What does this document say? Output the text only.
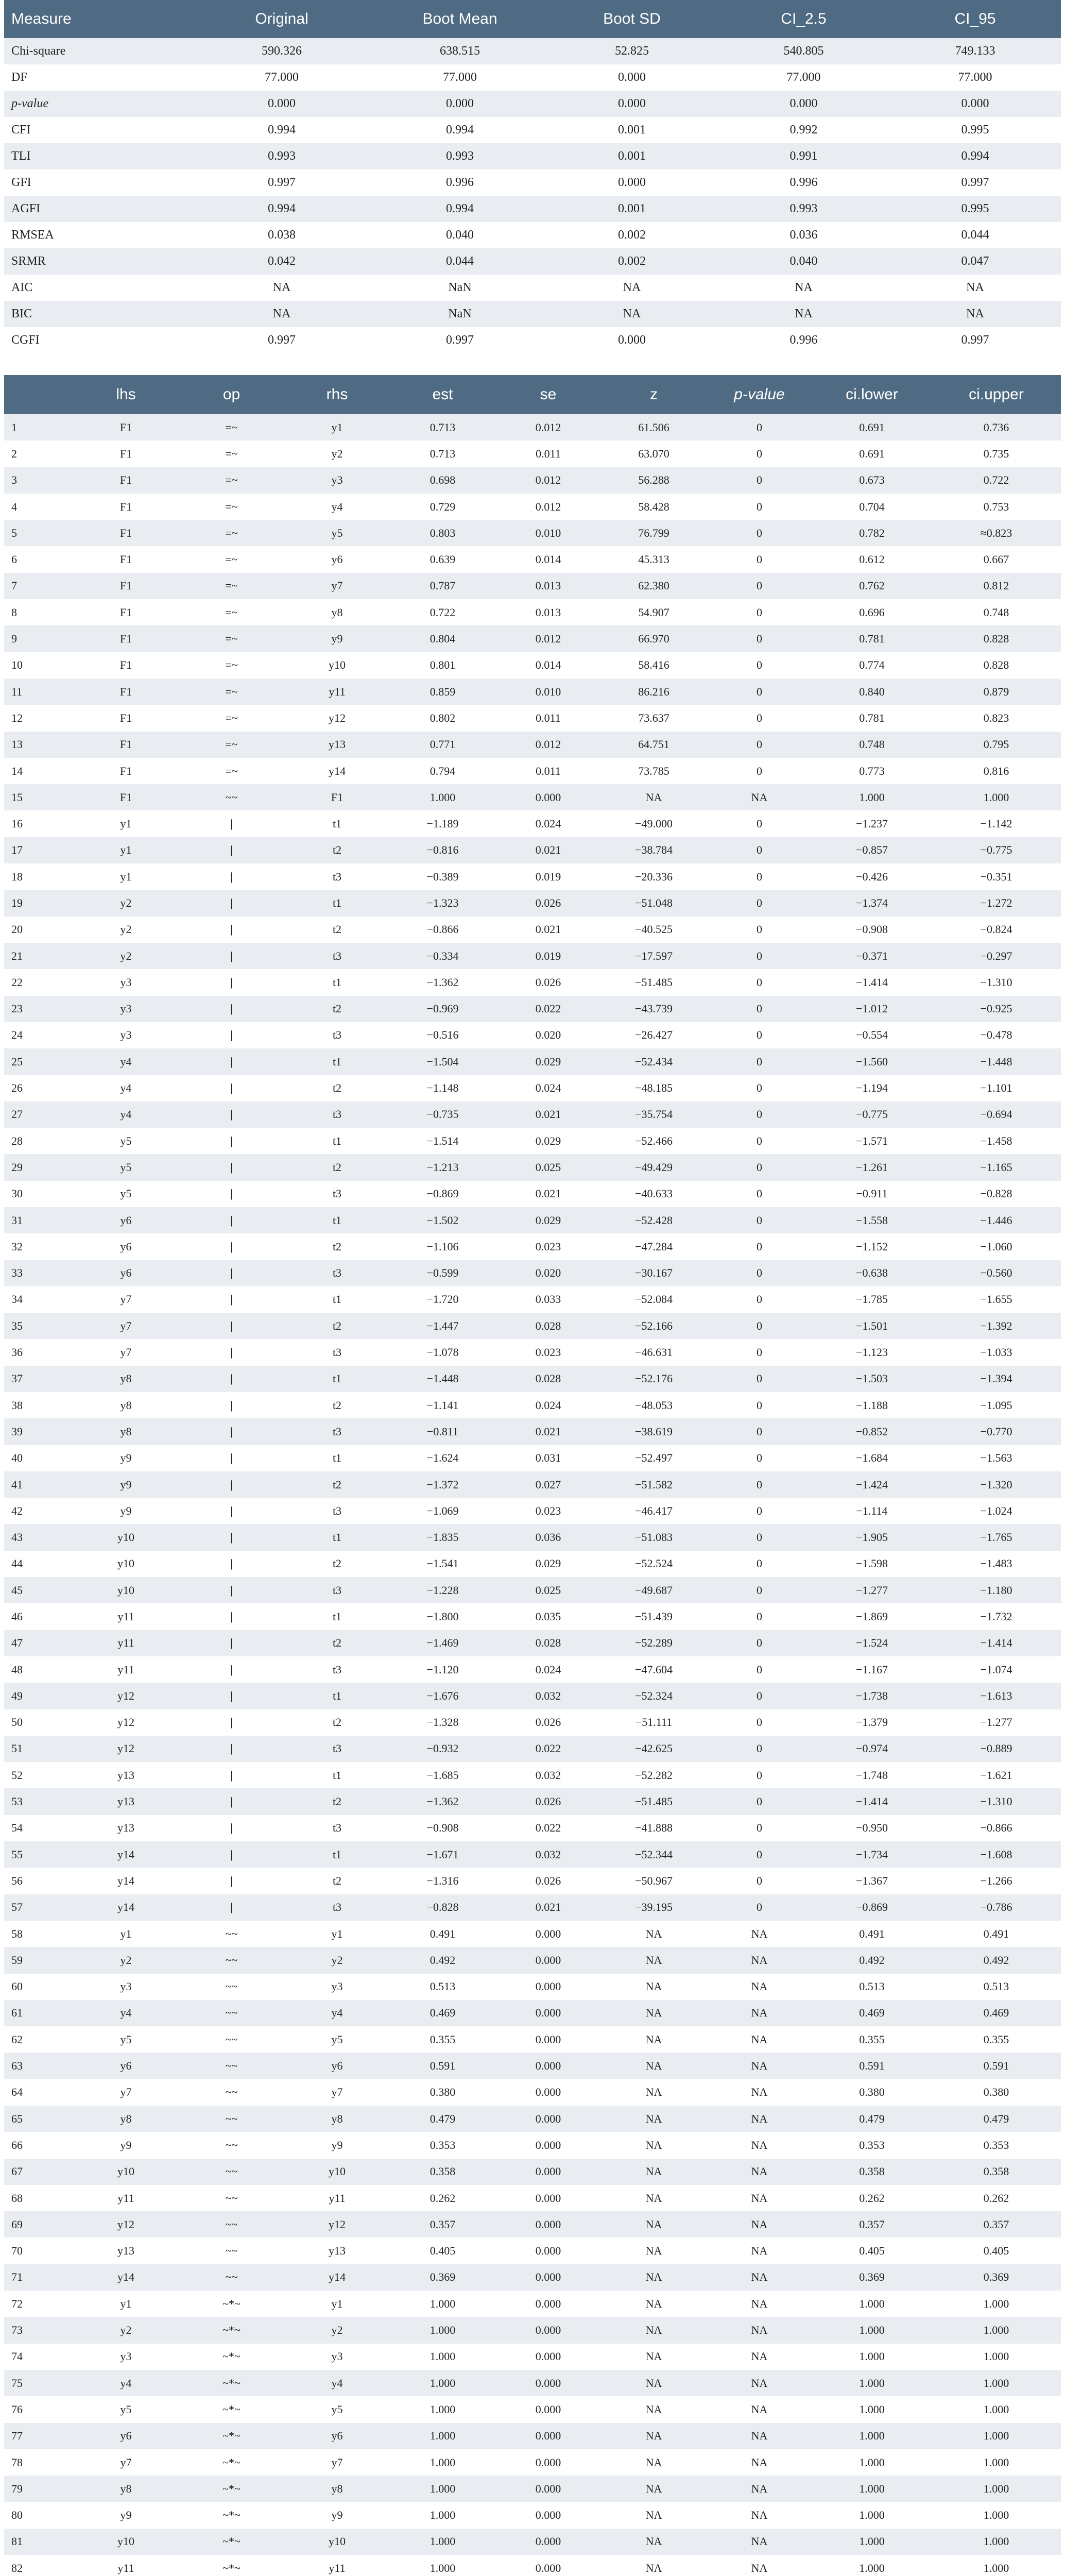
Measure	Original	Boot Mean	Boot SD	CI_2.5	CI_95
Chi-square	590.326	638.515	52.825	540.805	749.133
DF	77.000	77.000	0.000	77.000	77.000
p-value	0.000	0.000	0.000	0.000	0.000
CFI	0.994	0.994	0.001	0.992	0.995
TLI	0.993	0.993	0.001	0.991	0.994
GFI	0.997	0.996	0.000	0.996	0.997
AGFI	0.994	0.994	0.001	0.993	0.995
RMSEA	0.038	0.040	0.002	0.036	0.044
SRMR	0.042	0.044	0.002	0.040	0.047
AIC	NA	NaN	NA	NA	NA
BIC	NA	NaN	NA	NA	NA
CGFI	0.997	0.997	0.000	0.996	0.997
	lhs	op	rhs	est	se	z	p-value	ci.lower	ci.upper
1	F1	=~	y1	0.713	0.012	61.506	0	0.691	0.736
2	F1	=~	y2	0.713	0.011	63.070	0	0.691	0.735
3	F1	=~	y3	0.698	0.012	56.288	0	0.673	0.722
4	F1	=~	y4	0.729	0.012	58.428	0	0.704	0.753
5	F1	=~	y5	0.803	0.010	76.799	0	0.782	≈0.823
6	F1	=~	y6	0.639	0.014	45.313	0	0.612	0.667
7	F1	=~	y7	0.787	0.013	62.380	0	0.762	0.812
8	F1	=~	y8	0.722	0.013	54.907	0	0.696	0.748
9	F1	=~	y9	0.804	0.012	66.970	0	0.781	0.828
10	F1	=~	y10	0.801	0.014	58.416	0	0.774	0.828
11	F1	=~	y11	0.859	0.010	86.216	0	0.840	0.879
12	F1	=~	y12	0.802	0.011	73.637	0	0.781	0.823
13	F1	=~	y13	0.771	0.012	64.751	0	0.748	0.795
14	F1	=~	y14	0.794	0.011	73.785	0	0.773	0.816
15	F1	~~	F1	1.000	0.000	NA	NA	1.000	1.000
16	y1	|	t1	−1.189	0.024	−49.000	0	−1.237	−1.142
17	y1	|	t2	−0.816	0.021	−38.784	0	−0.857	−0.775
18	y1	|	t3	−0.389	0.019	−20.336	0	−0.426	−0.351
19	y2	|	t1	−1.323	0.026	−51.048	0	−1.374	−1.272
20	y2	|	t2	−0.866	0.021	−40.525	0	−0.908	−0.824
21	y2	|	t3	−0.334	0.019	−17.597	0	−0.371	−0.297
22	y3	|	t1	−1.362	0.026	−51.485	0	−1.414	−1.310
23	y3	|	t2	−0.969	0.022	−43.739	0	−1.012	−0.925
24	y3	|	t3	−0.516	0.020	−26.427	0	−0.554	−0.478
25	y4	|	t1	−1.504	0.029	−52.434	0	−1.560	−1.448
26	y4	|	t2	−1.148	0.024	−48.185	0	−1.194	−1.101
27	y4	|	t3	−0.735	0.021	−35.754	0	−0.775	−0.694
28	y5	|	t1	−1.514	0.029	−52.466	0	−1.571	−1.458
29	y5	|	t2	−1.213	0.025	−49.429	0	−1.261	−1.165
30	y5	|	t3	−0.869	0.021	−40.633	0	−0.911	−0.828
31	y6	|	t1	−1.502	0.029	−52.428	0	−1.558	−1.446
32	y6	|	t2	−1.106	0.023	−47.284	0	−1.152	−1.060
33	y6	|	t3	−0.599	0.020	−30.167	0	−0.638	−0.560
34	y7	|	t1	−1.720	0.033	−52.084	0	−1.785	−1.655
35	y7	|	t2	−1.447	0.028	−52.166	0	−1.501	−1.392
36	y7	|	t3	−1.078	0.023	−46.631	0	−1.123	−1.033
37	y8	|	t1	−1.448	0.028	−52.176	0	−1.503	−1.394
38	y8	|	t2	−1.141	0.024	−48.053	0	−1.188	−1.095
39	y8	|	t3	−0.811	0.021	−38.619	0	−0.852	−0.770
40	y9	|	t1	−1.624	0.031	−52.497	0	−1.684	−1.563
41	y9	|	t2	−1.372	0.027	−51.582	0	−1.424	−1.320
42	y9	|	t3	−1.069	0.023	−46.417	0	−1.114	−1.024
43	y10	|	t1	−1.835	0.036	−51.083	0	−1.905	−1.765
44	y10	|	t2	−1.541	0.029	−52.524	0	−1.598	−1.483
45	y10	|	t3	−1.228	0.025	−49.687	0	−1.277	−1.180
46	y11	|	t1	−1.800	0.035	−51.439	0	−1.869	−1.732
47	y11	|	t2	−1.469	0.028	−52.289	0	−1.524	−1.414
48	y11	|	t3	−1.120	0.024	−47.604	0	−1.167	−1.074
49	y12	|	t1	−1.676	0.032	−52.324	0	−1.738	−1.613
50	y12	|	t2	−1.328	0.026	−51.111	0	−1.379	−1.277
51	y12	|	t3	−0.932	0.022	−42.625	0	−0.974	−0.889
52	y13	|	t1	−1.685	0.032	−52.282	0	−1.748	−1.621
53	y13	|	t2	−1.362	0.026	−51.485	0	−1.414	−1.310
54	y13	|	t3	−0.908	0.022	−41.888	0	−0.950	−0.866
55	y14	|	t1	−1.671	0.032	−52.344	0	−1.734	−1.608
56	y14	|	t2	−1.316	0.026	−50.967	0	−1.367	−1.266
57	y14	|	t3	−0.828	0.021	−39.195	0	−0.869	−0.786
58	y1	~~	y1	0.491	0.000	NA	NA	0.491	0.491
59	y2	~~	y2	0.492	0.000	NA	NA	0.492	0.492
60	y3	~~	y3	0.513	0.000	NA	NA	0.513	0.513
61	y4	~~	y4	0.469	0.000	NA	NA	0.469	0.469
62	y5	~~	y5	0.355	0.000	NA	NA	0.355	0.355
63	y6	~~	y6	0.591	0.000	NA	NA	0.591	0.591
64	y7	~~	y7	0.380	0.000	NA	NA	0.380	0.380
65	y8	~~	y8	0.479	0.000	NA	NA	0.479	0.479
66	y9	~~	y9	0.353	0.000	NA	NA	0.353	0.353
67	y10	~~	y10	0.358	0.000	NA	NA	0.358	0.358
68	y11	~~	y11	0.262	0.000	NA	NA	0.262	0.262
69	y12	~~	y12	0.357	0.000	NA	NA	0.357	0.357
70	y13	~~	y13	0.405	0.000	NA	NA	0.405	0.405
71	y14	~~	y14	0.369	0.000	NA	NA	0.369	0.369
72	y1	~*~	y1	1.000	0.000	NA	NA	1.000	1.000
73	y2	~*~	y2	1.000	0.000	NA	NA	1.000	1.000
74	y3	~*~	y3	1.000	0.000	NA	NA	1.000	1.000
75	y4	~*~	y4	1.000	0.000	NA	NA	1.000	1.000
76	y5	~*~	y5	1.000	0.000	NA	NA	1.000	1.000
77	y6	~*~	y6	1.000	0.000	NA	NA	1.000	1.000
78	y7	~*~	y7	1.000	0.000	NA	NA	1.000	1.000
79	y8	~*~	y8	1.000	0.000	NA	NA	1.000	1.000
80	y9	~*~	y9	1.000	0.000	NA	NA	1.000	1.000
81	y10	~*~	y10	1.000	0.000	NA	NA	1.000	1.000
82	y11	~*~	y11	1.000	0.000	NA	NA	1.000	1.000
